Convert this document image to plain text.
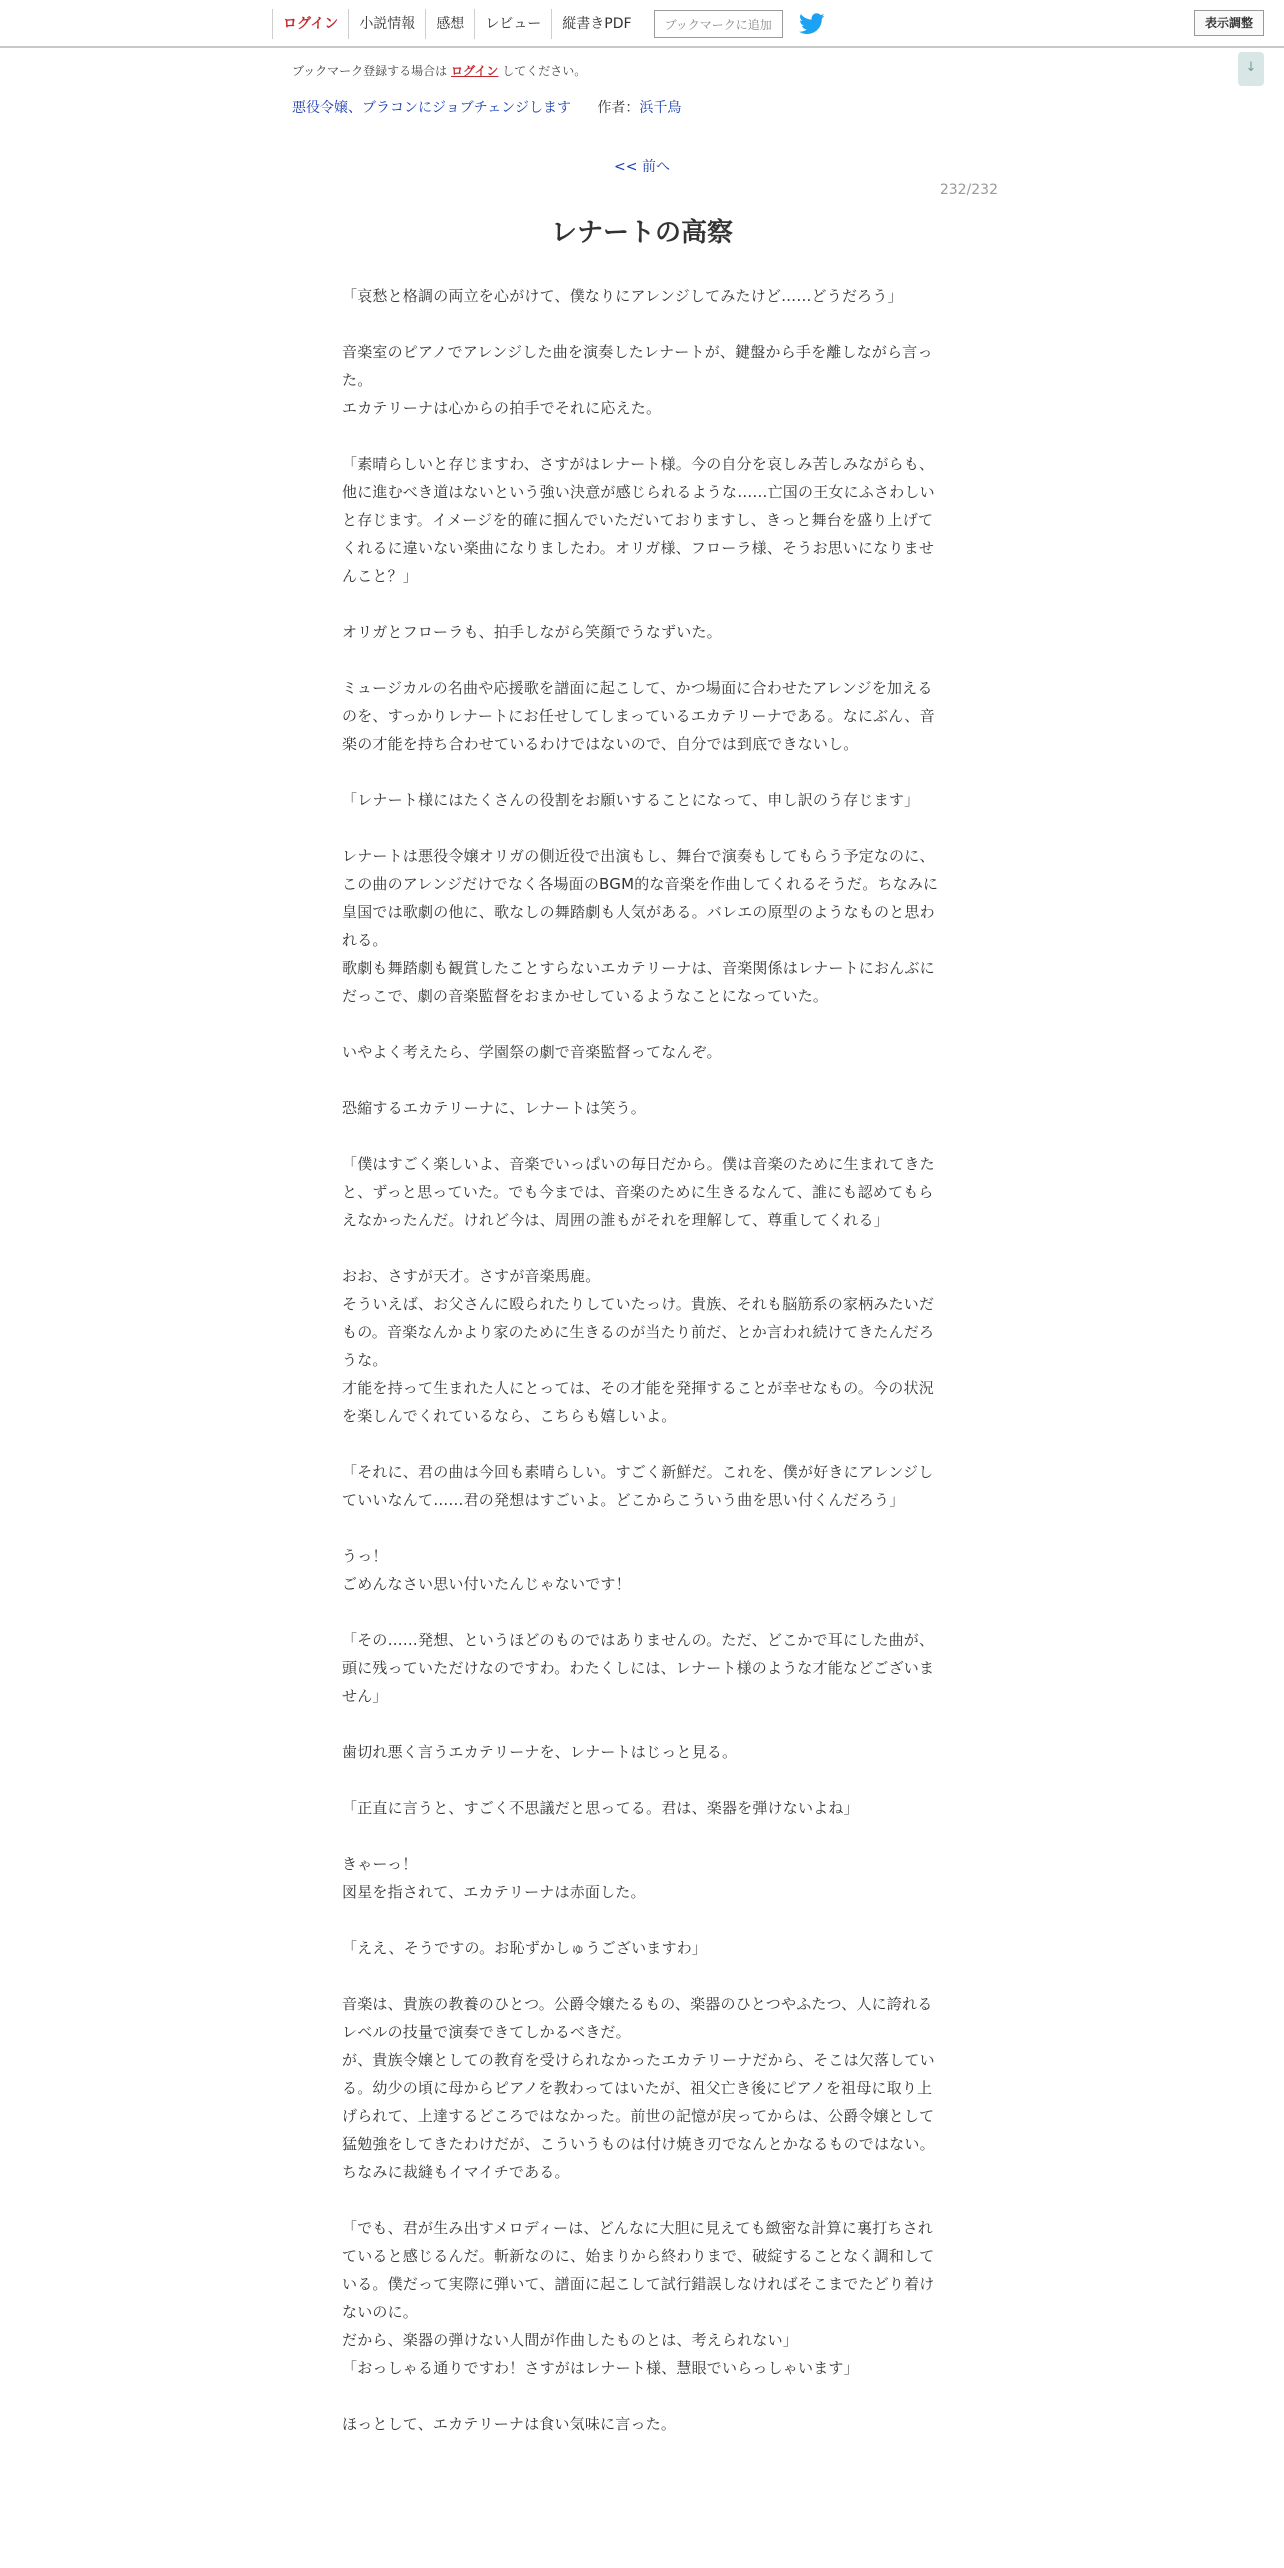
ログイン	小説情報	感想	レビュー	縦書きPDF	ブックマークに追加	表示調整
↓
ブックマーク登録する場合は ログイン してください。
悪役令嬢、ブラコンにジョブチェンジします 作者：浜千鳥
<< 前へ
232/232
レナートの高察

「哀愁と格調の両立を心がけて、僕なりにアレンジしてみたけど……どうだろう」

音楽室のピアノでアレンジした曲を演奏したレナートが、鍵盤から手を離しながら言った。

エカテリーナは心からの拍手でそれに応えた。

「素晴らしいと存じますわ、さすがはレナート様。今の自分を哀しみ苦しみながらも、他に進むべき道はないという強い決意が感じられるような……亡国の王女にふさわしいと存じます。イメージを的確に掴んでいただいておりますし、きっと舞台を盛り上げてくれるに違いない楽曲になりましたわ。オリガ様、フローラ様、そうお思いになりませんこと？」

オリガとフローラも、拍手しながら笑顔でうなずいた。

ミュージカルの名曲や応援歌を譜面に起こして、かつ場面に合わせたアレンジを加えるのを、すっかりレナートにお任せしてしまっているエカテリーナである。なにぶん、音楽の才能を持ち合わせているわけではないので、自分では到底できないし。

「レナート様にはたくさんの役割をお願いすることになって、申し訳のう存じます」

レナートは悪役令嬢オリガの側近役で出演もし、舞台で演奏もしてもらう予定なのに、この曲のアレンジだけでなく各場面のBGM的な音楽を作曲してくれるそうだ。ちなみに皇国では歌劇の他に、歌なしの舞踏劇も人気がある。バレエの原型のようなものと思われる。

歌劇も舞踏劇も観賞したことすらないエカテリーナは、音楽関係はレナートにおんぶにだっこで、劇の音楽監督をおまかせしているようなことになっていた。

いやよく考えたら、学園祭の劇で音楽監督ってなんぞ。

恐縮するエカテリーナに、レナートは笑う。

「僕はすごく楽しいよ、音楽でいっぱいの毎日だから。僕は音楽のために生まれてきたと、ずっと思っていた。でも今までは、音楽のために生きるなんて、誰にも認めてもらえなかったんだ。けれど今は、周囲の誰もがそれを理解して、尊重してくれる」

おお、さすが天才。さすが音楽馬鹿。

そういえば、お父さんに殴られたりしていたっけ。貴族、それも脳筋系の家柄みたいだもの。音楽なんかより家のために生きるのが当たり前だ、とか言われ続けてきたんだろうな。

才能を持って生まれた人にとっては、その才能を発揮することが幸せなもの。今の状況を楽しんでくれているなら、こちらも嬉しいよ。

「それに、君の曲は今回も素晴らしい。すごく新鮮だ。これを、僕が好きにアレンジしていいなんて……君の発想はすごいよ。どこからこういう曲を思い付くんだろう」

うっ！

ごめんなさい思い付いたんじゃないです！

「その……発想、というほどのものではありませんの。ただ、どこかで耳にした曲が、頭に残っていただけなのですわ。わたくしには、レナート様のような才能などございません」

歯切れ悪く言うエカテリーナを、レナートはじっと見る。

「正直に言うと、すごく不思議だと思ってる。君は、楽器を弾けないよね」

きゃーっ！

図星を指されて、エカテリーナは赤面した。

「ええ、そうですの。お恥ずかしゅうございますわ」

音楽は、貴族の教養のひとつ。公爵令嬢たるもの、楽器のひとつやふたつ、人に誇れるレベルの技量で演奏できてしかるべきだ。

が、貴族令嬢としての教育を受けられなかったエカテリーナだから、そこは欠落している。幼少の頃に母からピアノを教わってはいたが、祖父亡き後にピアノを祖母に取り上げられて、上達するどころではなかった。前世の記憶が戻ってからは、公爵令嬢として猛勉強をしてきたわけだが、こういうものは付け焼き刃でなんとかなるものではない。

ちなみに裁縫もイマイチである。

「でも、君が生み出すメロディーは、どんなに大胆に見えても緻密な計算に裏打ちされていると感じるんだ。斬新なのに、始まりから終わりまで、破綻することなく調和している。僕だって実際に弾いて、譜面に起こして試行錯誤しなければそこまでたどり着けないのに。

だから、楽器の弾けない人間が作曲したものとは、考えられない」

「おっしゃる通りですわ！さすがはレナート様、慧眼でいらっしゃいます」

ほっとして、エカテリーナは食い気味に言った。
